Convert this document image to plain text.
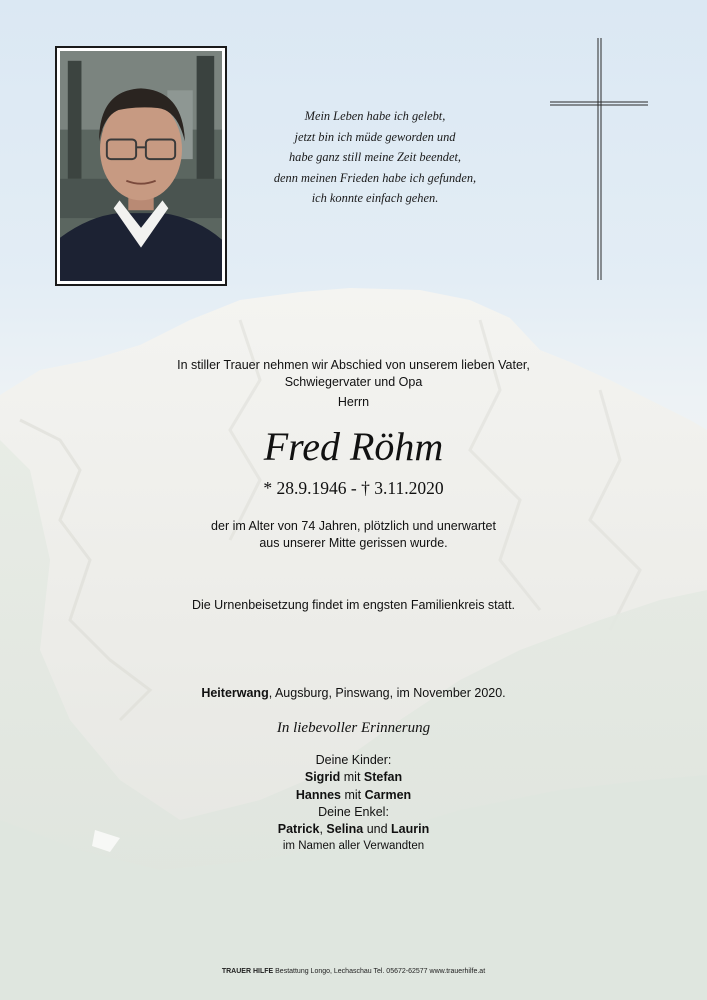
Mein Leben habe ich gelebt,
jetzt bin ich müde geworden und
habe ganz still meine Zeit beendet,
denn meinen Frieden habe ich gefunden,
ich konnte einfach gehen.
In stiller Trauer nehmen wir Abschied von unserem lieben Vater,
Schwiegervater und Opa
Herrn
Fred Röhm
* 28.9.1946 - † 3.11.2020
der im Alter von 74 Jahren, plötzlich und unerwartet
aus unserer Mitte gerissen wurde.
Die Urnenbeisetzung findet im engsten Familienkreis statt.
Heiterwang, Augsburg, Pinswang, im November 2020.
In liebevoller Erinnerung
Deine Kinder:
Sigrid mit Stefan
Hannes mit Carmen
Deine Enkel:
Patrick, Selina und Laurin
im Namen aller Verwandten
TRAUER HILFE Bestattung Longo, Lechaschau Tel. 05672-62577 www.trauerhilfe.at
